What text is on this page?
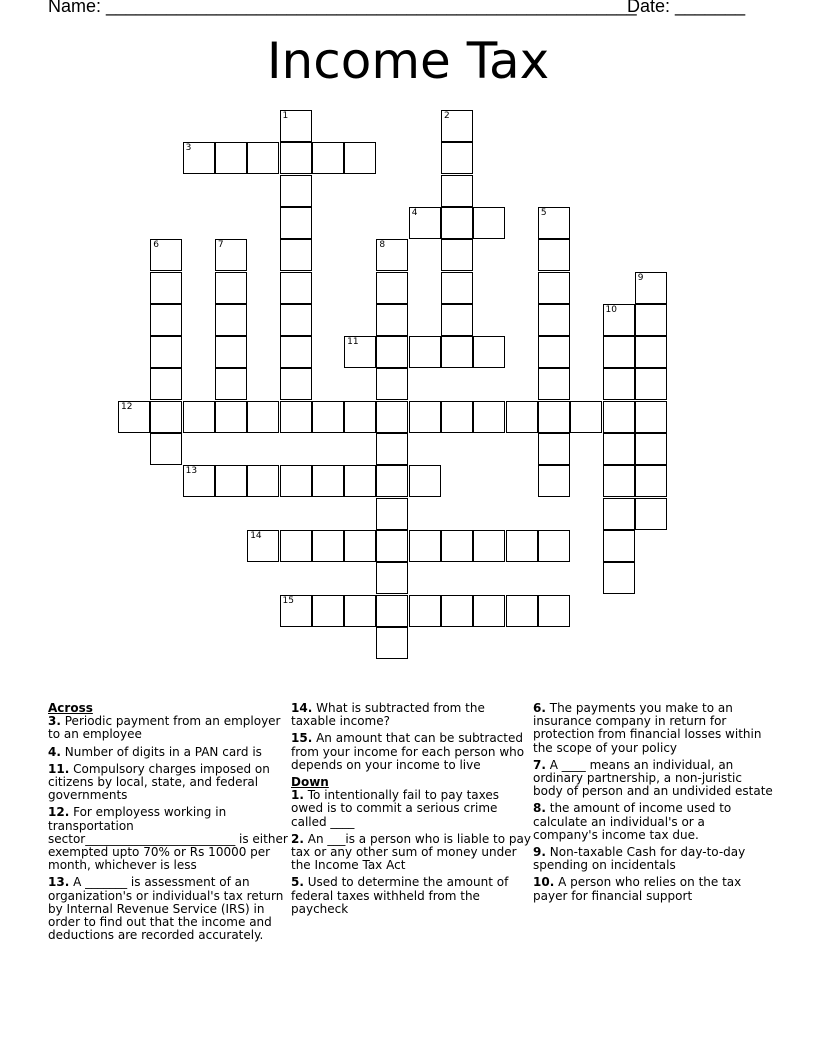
Name: _____________________________________________________
Date: _______
Income Tax
1	2
3
4	5
6	7	8
9
10
11
12
13
14
15

Across

3. Periodic payment from an employer to an employee

4. Number of digits in a PAN card is

11. Compulsory charges imposed on citizens by local, state, and federal governments

12. For employess working in transportation sector_________________________ is either exempted upto 70% or Rs 10000 per month, whichever is less

13. A _______ is assessment of an organization's or individual's tax return by Internal Revenue Service (IRS) in order to find out that the income and deductions are recorded accurately.

14. What is subtracted from the taxable income?

15. An amount that can be subtracted from your income for each person who depends on your income to live

Down

1. To intentionally fail to pay taxes owed is to commit a serious crime called ____

2. An ___is a person who is liable to pay tax or any other sum of money under the Income Tax Act

5. Used to determine the amount of federal taxes withheld from the paycheck

6. The payments you make to an insurance company in return for protection from financial losses within the scope of your policy

7. A ____ means an individual, an ordinary partnership, a non-juristic body of person and an undivided estate

8. the amount of income used to calculate an individual's or a company's income tax due.

9. Non-taxable Cash for day-to-day spending on incidentals

10. A person who relies on the tax payer for financial support
